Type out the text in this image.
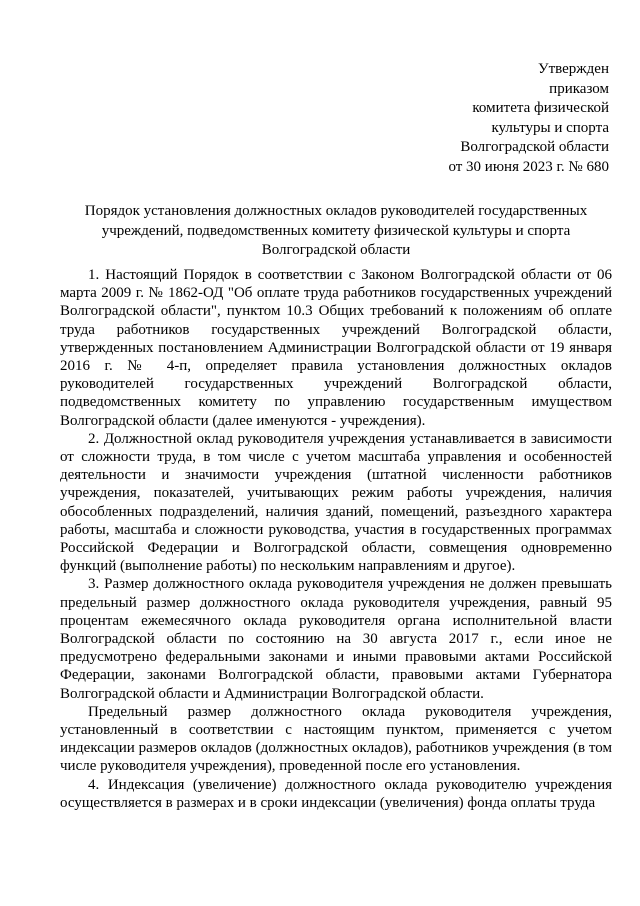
Утвержден
приказом
комитета физической
культуры и спорта
Волгоградской области
от 30 июня 2023 г. № 680
Порядок установления должностных окладов руководителей государственных учреждений, подведомственных комитету физической культуры и спорта Волгоградской области

1. Настоящий Порядок в соответствии с Законом Волгоградской области от 06 марта 2009 г. № 1862-ОД "Об оплате труда работников государственных учреждений Волгоградской области", пунктом 10.3 Общих требований к положениям об оплате труда работников государственных учреждений Волгоградской области, утвержденных постановлением Администрации Волгоградской области от 19 января 2016 г. № 4-п, определяет правила установления должностных окладов руководителей государственных учреждений Волгоградской области, подведомственных комитету по управлению государственным имуществом Волгоградской области (далее именуются - учреждения).

2. Должностной оклад руководителя учреждения устанавливается в зависимости от сложности труда, в том числе с учетом масштаба управления и особенностей деятельности и значимости учреждения (штатной численности работников учреждения, показателей, учитывающих режим работы учреждения, наличия обособленных подразделений, наличия зданий, помещений, разъездного характера работы, масштаба и сложности руководства, участия в государственных программах Российской Федерации и Волгоградской области, совмещения одновременно функций (выполнение работы) по нескольким направлениям и другое).

3. Размер должностного оклада руководителя учреждения не должен превышать предельный размер должностного оклада руководителя учреждения, равный 95 процентам ежемесячного оклада руководителя органа исполнительной власти Волгоградской области по состоянию на 30 августа 2017 г., если иное не предусмотрено федеральными законами и иными правовыми актами Российской Федерации, законами Волгоградской области, правовыми актами Губернатора Волгоградской области и Администрации Волгоградской области.

Предельный размер должностного оклада руководителя учреждения, установленный в соответствии с настоящим пунктом, применяется с учетом индексации размеров окладов (должностных окладов), работников учреждения (в том числе руководителя учреждения), проведенной после его установления.

4. Индексация (увеличение) должностного оклада руководителю учреждения осуществляется в размерах и в сроки индексации (увеличения) фонда оплаты труда
